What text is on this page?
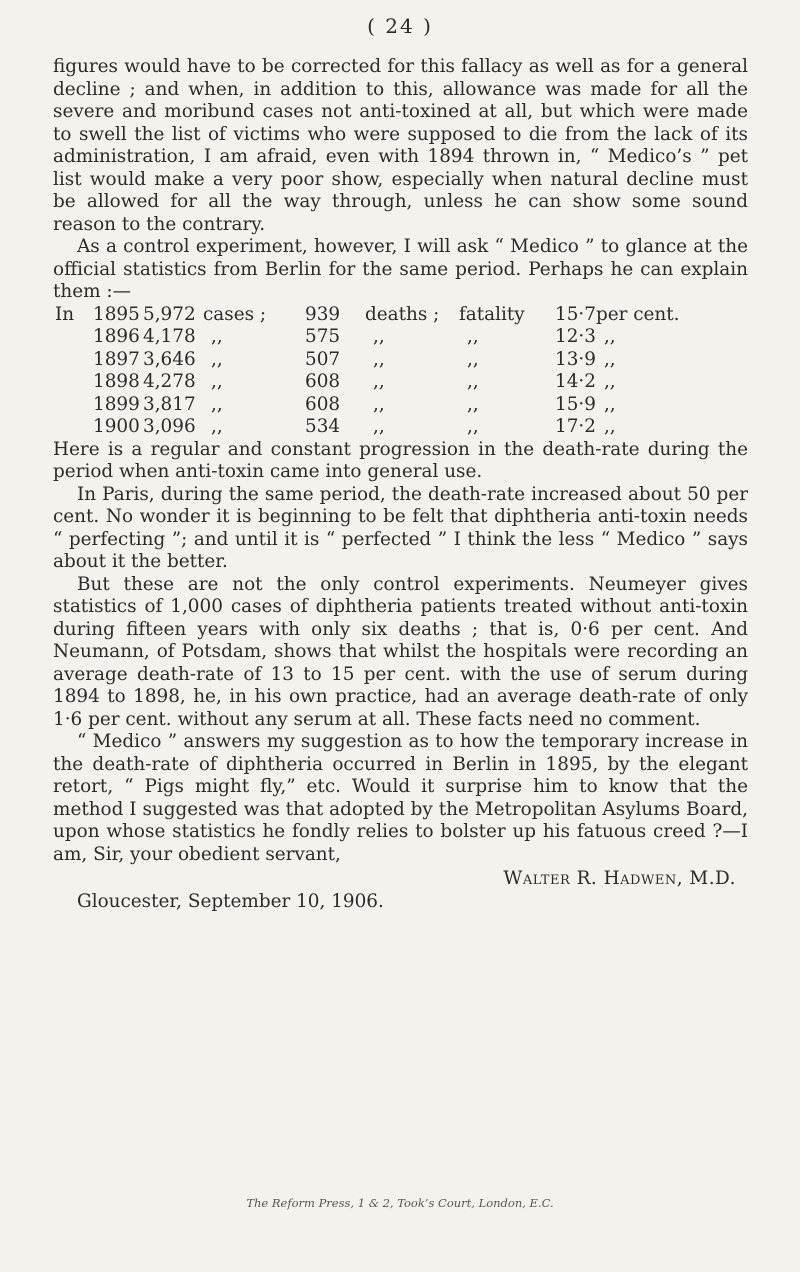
( 24 )

figures would have to be corrected for this fallacy as well as for a general decline ; and when, in addition to this, allowance was made for all the severe and moribund cases not anti-toxined at all, but which were made to swell the list of victims who were supposed to die from the lack of its administration, I am afraid, even with 1894 thrown in, “ Medico’s ” pet list would make a very poor show, especially when natural decline must be allowed for all the way through, unless he can show some sound reason to the contrary.

As a control experiment, however, I will ask “ Medico ” to glance at the official statistics from Berlin for the same period. Perhaps he can explain them :—

In	1895	5,972	cases ;	939	deaths ;	fatality	15·7	per cent.
	1896	4,178	,,	575	,,	,,	12·3	,,
	1897	3,646	,,	507	,,	,,	13·9	,,
	1898	4,278	,,	608	,,	,,	14·2	,,
	1899	3,817	,,	608	,,	,,	15·9	,,
	1900	3,096	,,	534	,,	,,	17·2	,,

Here is a regular and constant progression in the death-rate during the period when anti-toxin came into general use.

In Paris, during the same period, the death-rate increased about 50 per cent. No wonder it is beginning to be felt that diphtheria anti-toxin needs “ perfecting ”; and until it is “ perfected ” I think the less “ Medico ” says about it the better.

But these are not the only control experiments. Neumeyer gives statistics of 1,000 cases of diphtheria patients treated without anti-toxin during fifteen years with only six deaths ; that is, 0·6 per cent. And Neumann, of Potsdam, shows that whilst the hospitals were recording an average death-rate of 13 to 15 per cent. with the use of serum during 1894 to 1898, he, in his own practice, had an average death-rate of only 1·6 per cent. without any serum at all. These facts need no comment.

“ Medico ” answers my suggestion as to how the temporary increase in the death-rate of diphtheria occurred in Berlin in 1895, by the elegant retort, “ Pigs might fly,” etc. Would it surprise him to know that the method I suggested was that adopted by the Metropolitan Asylums Board, upon whose statistics he fondly relies to bolster up his fatuous creed ?—I am, Sir, your obedient servant,

Walter R. Hadwen, M.D.
Gloucester, September 10, 1906.
The Reform Press, 1 & 2, Took’s Court, London, E.C.
